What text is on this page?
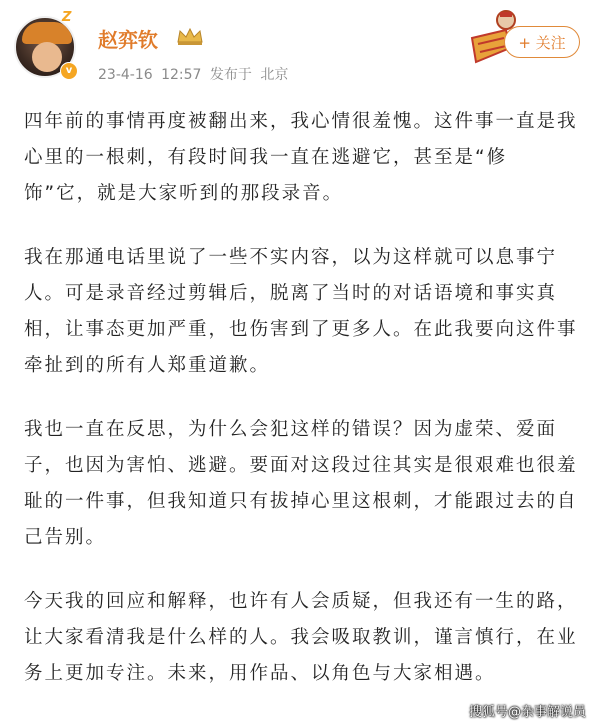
Z
v
赵弈钦
23-4-16 12:57 发布于 北京
+ 关注

四年前的事情再度被翻出来，我心情很羞愧。这件事一直是我心里的一根刺，有段时间我一直在逃避它，甚至是“修饰”它，就是大家听到的那段录音。

我在那通电话里说了一些不实内容，以为这样就可以息事宁人。可是录音经过剪辑后，脱离了当时的对话语境和事实真相，让事态更加严重，也伤害到了更多人。在此我要向这件事牵扯到的所有人郑重道歉。

我也一直在反思，为什么会犯这样的错误？因为虚荣、爱面子，也因为害怕、逃避。要面对这段过往其实是很艰难也很羞耻的一件事，但我知道只有拔掉心里这根刺，才能跟过去的自己告别。

今天我的回应和解释，也许有人会质疑，但我还有一生的路，让大家看清我是什么样的人。我会吸取教训，谨言慎行，在业务上更加专注。未来，用作品、以角色与大家相遇。

搜狐号@杂事解说员
